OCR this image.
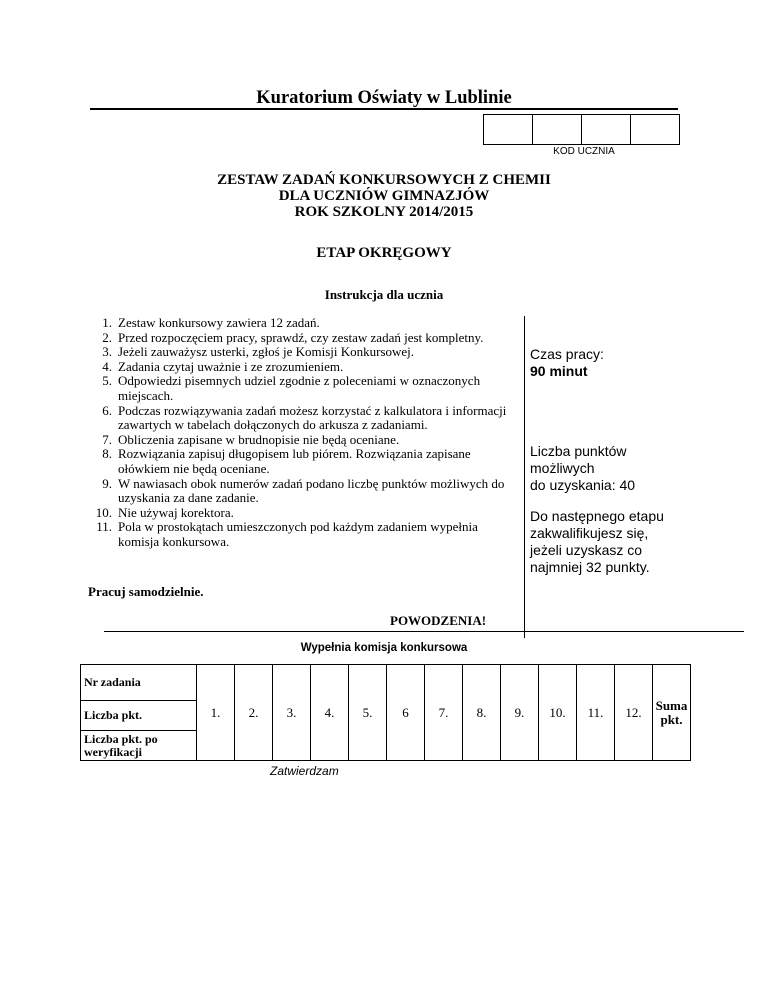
Kuratorium Oświaty w Lublinie
KOD UCZNIA
ZESTAW ZADAŃ KONKURSOWYCH Z CHEMII
DLA UCZNIÓW GIMNAZJÓW
ROK SZKOLNY 2014/2015
ETAP OKRĘGOWY
Instrukcja dla ucznia
1. Zestaw konkursowy zawiera 12 zadań.
2. Przed rozpoczęciem pracy, sprawdź, czy zestaw zadań jest kompletny.
3. Jeżeli zauważysz usterki, zgłoś je Komisji Konkursowej.
4. Zadania czytaj uważnie i ze zrozumieniem.
5. Odpowiedzi pisemnych udziel zgodnie z poleceniami w oznaczonych miejscach.
6. Podczas rozwiązywania zadań możesz korzystać z kalkulatora i informacji zawartych w tabelach dołączonych do arkusza z zadaniami.
7. Obliczenia zapisane w brudnopisie nie będą oceniane.
8. Rozwiązania zapisuj długopisem lub piórem. Rozwiązania zapisane ołówkiem nie będą oceniane.
9. W nawiasach obok numerów zadań podano liczbę punktów możliwych do uzyskania za dane zadanie.
10. Nie używaj korektora.
11. Pola w prostokątach umieszczonych pod każdym zadaniem wypełnia komisja konkursowa.
Pracuj samodzielnie.
Czas pracy:
90 minut
Liczba punktów
możliwych
do uzyskania: 40
Do następnego etapu
zakwalifikujesz się,
jeżeli uzyskasz co
najmniej 32 punkty.
POWODZENIA!
Wypełnia komisja konkursowa
Nr zadania	1.	2.	3.	4.	5.	6	7.	8.	9.	10.	11.	12.	Suma pkt.
Liczba pkt.
Liczba pkt. po weryfikacji
Zatwierdzam
